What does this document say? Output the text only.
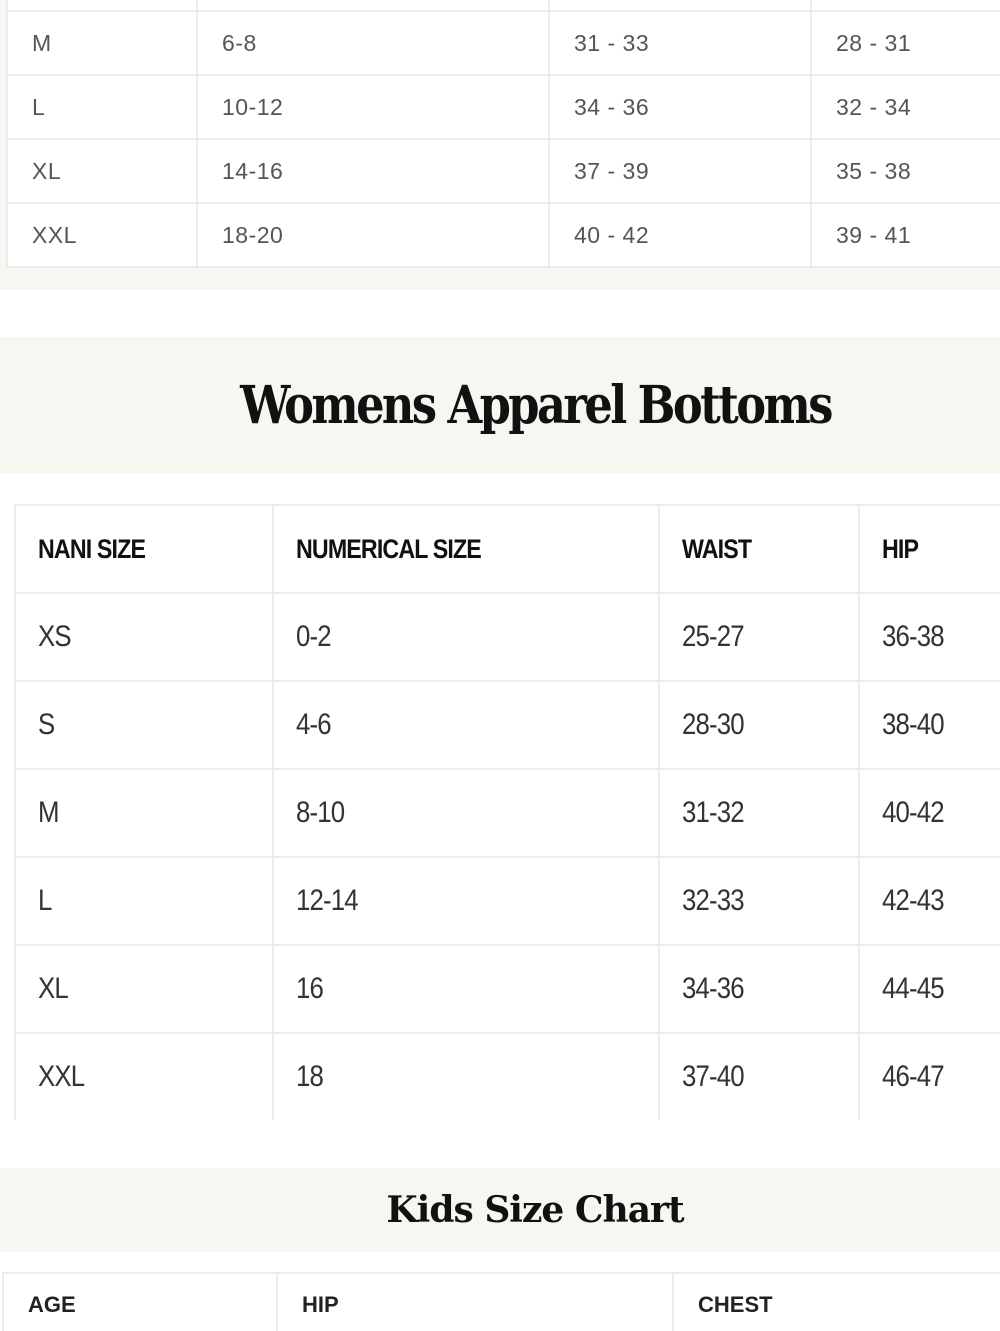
M	6-8	31 - 33	28 - 31
L	10-12	34 - 36	32 - 34
XL	14-16	37 - 39	35 - 38
XXL	18-20	40 - 42	39 - 41
Womens Apparel Bottoms
NANI SIZE	NUMERICAL SIZE	WAIST	HIP
XS	0-2	25-27	36-38
S	4-6	28-30	38-40
M	8-10	31-32	40-42
L	12-14	32-33	42-43
XL	16	34-36	44-45
XXL	18	37-40	46-47
Kids Size Chart
AGE	HIP	CHEST
